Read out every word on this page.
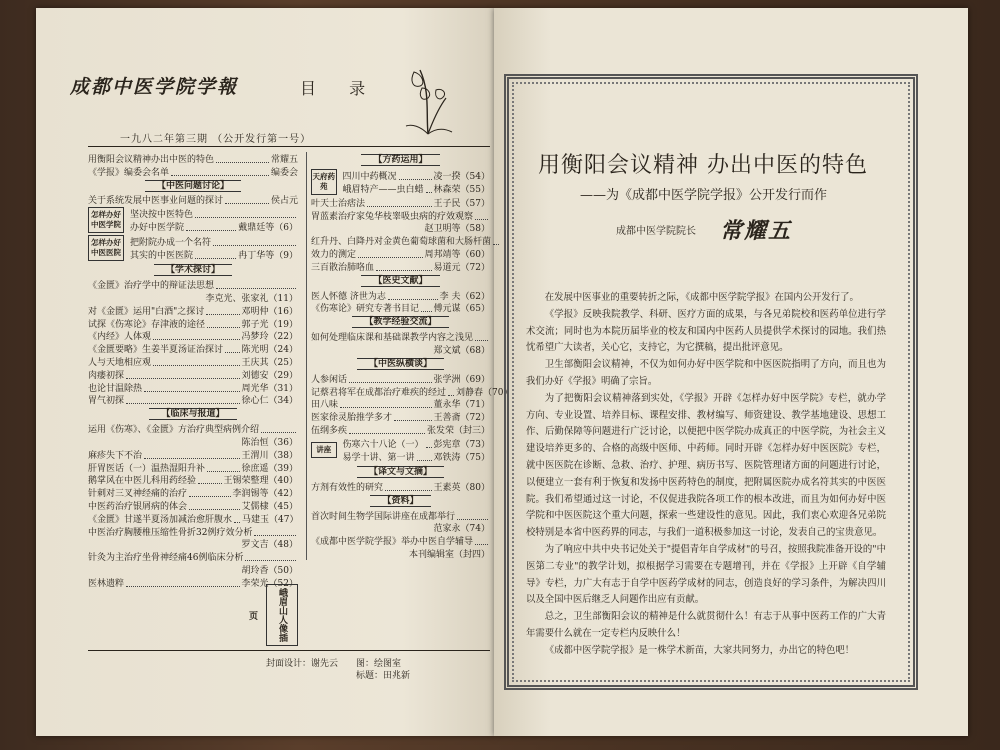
成都中医学院学報	目 录
一九八二年第三期 （公开发行第一号）
用衡阳会议精神办出中医的特色	常耀五
《学报》编委会名单	编委会
【中医问题讨论】
关于系统发展中医事业问题的探讨	侯占元
怎样办好中医学院
坚决按中医特色
办好中医学院	戴鼎廷等（6）
怎样办好中医医院
把附院办成一个名符
其实的中医医院	冉丁华等（9）
【学术探讨】
《金匮》治疗学中的辩证法思想
李克光、张家礼（11）
对《金匮》运用"白酒"之探讨	邓明仲（16）
试探《伤寒论》存津液的途径	郭子光（19）
《内经》人体观	冯梦玲（22）
《金匮要略》生姜半夏汤证治探讨 陈光明（24）
人与天地相应观	王庆其（25）
肉痿初探	刘德安（29）
也论甘温除热	周光华（31）
胃气初探	徐心仁（34）
【临床与报道】
运用《伤寒》、《金匮》方治疗典型病例介绍
陈治恒（36）
麻疹失下不治	王渭川（38）
肝胃医话（一）温热湿阳升补	徐庶遥（39）
鹅掌风在中医儿科用药经验	王锡荣整理（40）
针刺对三叉神经痛的治疗	李润锡等（42）
中医药治疗银屑病的体会	艾儒棣（45）
《金匮》甘遂半夏汤加减治愈肝腹水 马建玉（47）
中医治疗胸腰椎压缩性骨折32例疗效分析
罗文吉（48）
针灸为主治疗坐骨神经痛46例临床分析
胡玲香（50）
医林遗粹	李荣光（52）
【方药运用】
天府药苑
四川中药概况	凌一揆（54）
峨眉特产——虫白蜡 林森荣（55）
叶天士治痞法	王子民（57）
胃蓝素治疗家兔华枝睾吸虫病的疗效观察
赵卫明等（58）
红升丹、白降丹对金黄色葡萄球菌和大肠杆菌
效力的测定	周邦靖等（60）
三百散治肺咯血	易道元（72）
【医史文献】
医人怀德 济世为志	李 夫（62）
《伤寒论》研究专著书目记 傅元谋（65）
【教学经验交流】
如何处理临床课和基础课教学内容之浅见
郑文斌（68）
【中医纵横谈】
人参闲话	张学洲（69）
记蔡君将军在成都治疗难疾的经过 刘静春（70）
田八味	董永华（71）
医家徐灵胎推学多才	王善斋（72）
伍纲多疾	张发荣（封三）
讲座	伤寒六十八论（一） 彭宪章（73）
易学十讲、第一讲 邓铁涛（75）
【译文与文摘】
方剂有效性的研究	王素英（80）
【资料】
首次时间生物学国际讲座在成都举行
范家永（74）
《成都中医学院学报》举办中医自学辅导
本刊编辑室（封四）
峨眉山人像插页
封面设计：谢先云　　图：绘图室
标题：田兆新
用衡阳会议精神 办出中医的特色
——为《成都中医学院学报》公开发行而作
成都中医学院院长 常耀五

在发展中医事业的重要转折之际，《成都中医学院学报》在国内公开发行了。

《学报》反映我院教学、科研、医疗方面的成果，与各兄弟院校和医药单位进行学术交流；同时也为本院历届毕业的校友和国内中医药人员提供学术探讨的园地。我们热忱希望广大读者，关心它，支持它，为它撰稿，提出批评意见。

卫生部衡阳会议精神，不仅为如何办好中医学院和中医医院指明了方向，而且也为我们办好《学报》明确了宗旨。

为了把衡阳会议精神落到实处，《学报》开辟《怎样办好中医学院》专栏，就办学方向、专业设置、培养目标、课程安排、教材编写、师资建设、教学基地建设、思想工作、后勤保障等问题进行广泛讨论，以便把中医学院办成真正的中医学院，为社会主义建设培养更多的、合格的高级中医师、中药师。同时开辟《怎样办好中医医院》专栏，就中医医院在诊断、急救、治疗、护理、病历书写、医院管理诸方面的问题进行讨论，以便建立一套有利于恢复和发扬中医药特色的制度，把附属医院办成名符其实的中医医院。我们希望通过这一讨论，不仅促进我院各项工作的根本改进，而且为如何办好中医学院和中医医院这个重大问题，探索一些建设性的意见。因此，我们衷心欢迎各兄弟院校特别是本省中医药界的同志，与我们一道积极参加这一讨论，发表自己的宝贵意见。

为了响应中共中央书记处关于"提倡青年自学成材"的号召，按照我院准备开设的"中医第二专业"的教学计划，拟根据学习需要在专题增刊，并在《学报》上开辟《自学辅导》专栏，力广大有志于自学中医药学成材的同志，创造良好的学习条件，为解决四川以及全国中医后继乏人问题作出应有贡献。

总之，卫生部衡阳会议的精神是什么就贯彻什么！有志于从事中医药工作的广大青年需要什么就在一定专栏内反映什么！

《成都中医学院学报》是一株学术新苗，大家共同努力，办出它的特色吧！
